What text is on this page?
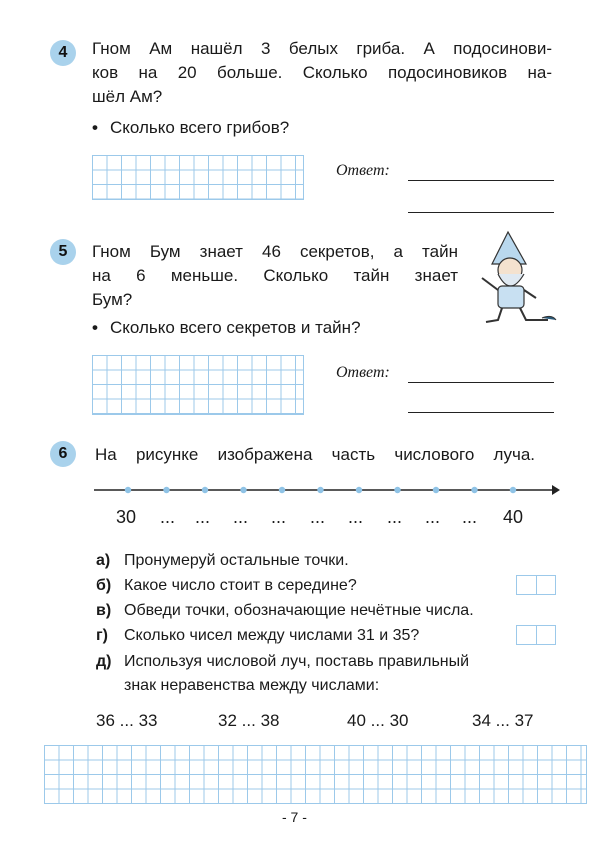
4	Гном Ам нашёл 3 белых гриба. А подосинови-
ков на 20 больше. Сколько подосиновиков на-
шёл Ам?
• Сколько всего грибов?
Ответ:
5	Гном Бум знает 46 секретов, а тайн
на 6 меньше. Сколько тайн знает
Бум?
• Сколько всего секретов и тайн?
Ответ:
6	На рисунке изображена часть числового луча.
30 ... ... ... ... ... ... ... ... ... 40
а) Пронумеруй остальные точки.
б) Какое число стоит в середине?
в) Обведи точки, обозначающие нечётные числа.
г) Сколько чисел между числами 31 и 35?
д) Используя числовой луч, поставь правильный
знак неравенства между числами:
36 ... 33	32 ... 38	40 ... 30	34 ... 37
- 7 -
